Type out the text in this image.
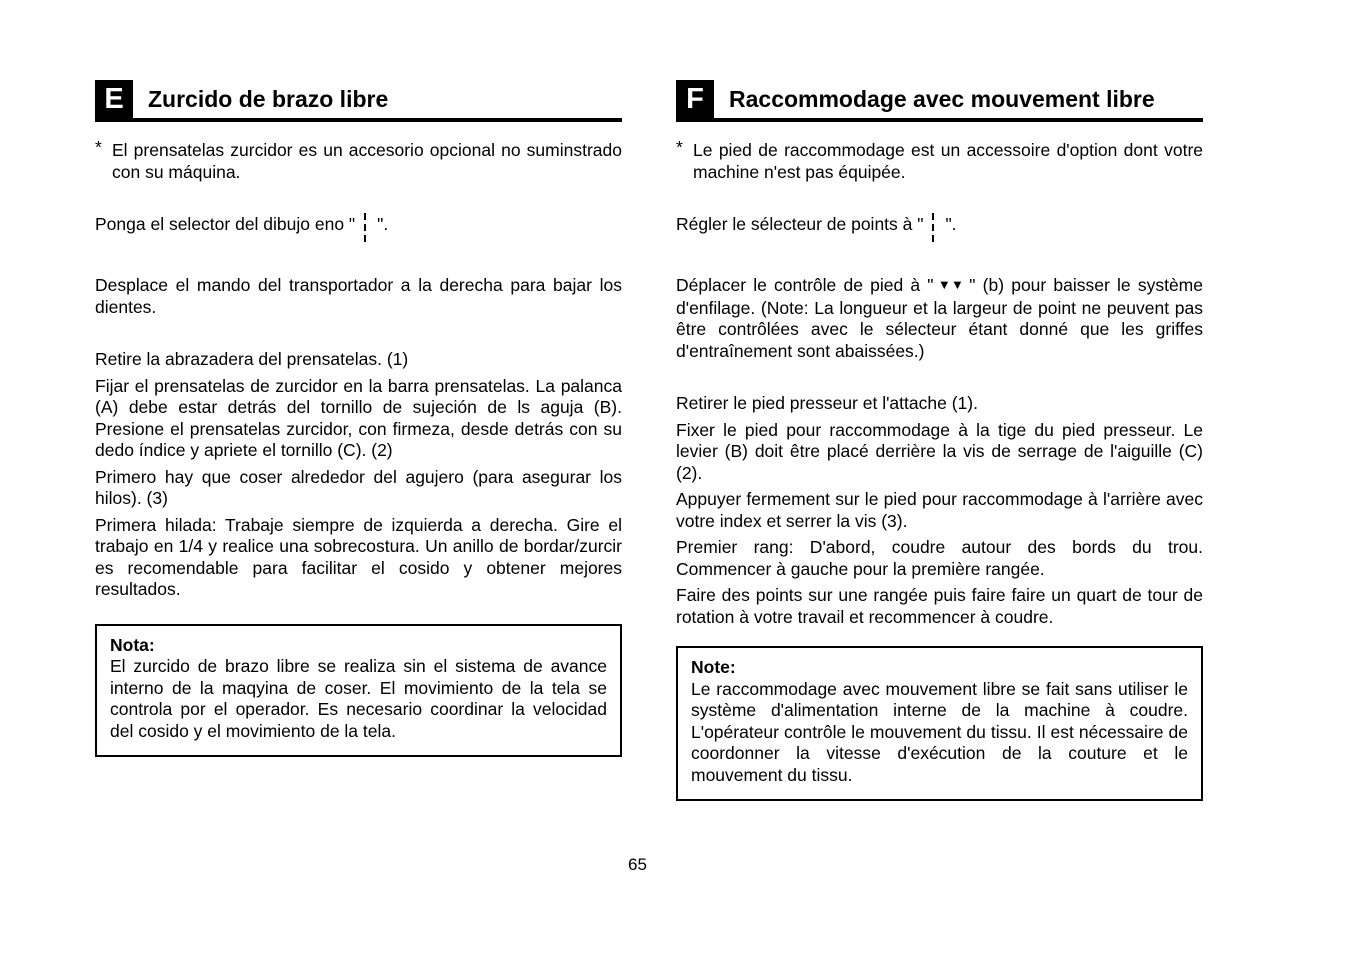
E	Zurcido de brazo libre

* El prensatelas zurcidor es un accesorio opcional no suminstrado con su máquina.

Ponga el selector del dibujo eno " ".

Desplace el mando del transportador a la derecha para bajar los dientes.

Retire la abrazadera del prensatelas. (1)

Fijar el prensatelas de zurcidor en la barra prensatelas. La palanca (A) debe estar detrás del tornillo de sujeción de ls aguja (B). Presione el prensatelas zurcidor, con firmeza, desde detrás con su dedo índice y apriete el tornillo (C). (2)

Primero hay que coser alrededor del agujero (para asegurar los hilos). (3)

Primera hilada: Trabaje siempre de izquierda a derecha. Gire el trabajo en 1/4 y realice una sobrecostura. Un anillo de bordar/zurcir es recomendable para facilitar el cosido y obtener mejores resultados.

Nota:

El zurcido de brazo libre se realiza sin el sistema de avance interno de la maqyina de coser. El movimiento de la tela se controla por el operador. Es necesario coordinar la velocidad del cosido y el movimiento de la tela.

F	Raccommodage avec mouvement libre

* Le pied de raccommodage est un accessoire d'option dont votre machine n'est pas équipée.

Régler le sélecteur de points à " ".

Déplacer le contrôle de pied à " ▼▼ " (b) pour baisser le système d'enfilage. (Note: La longueur et la largeur de point ne peuvent pas être contrôlées avec le sélecteur étant donné que les griffes d'entraînement sont abaissées.)

Retirer le pied presseur et l'attache (1).

Fixer le pied pour raccommodage à la tige du pied presseur. Le levier (B) doit être placé derrière la vis de serrage de l'aiguille (C) (2).

Appuyer fermement sur le pied pour raccommodage à l'arrière avec votre index et serrer la vis (3).

Premier rang: D'abord, coudre autour des bords du trou. Commencer à gauche pour la première rangée.

Faire des points sur une rangée puis faire faire un quart de tour de rotation à votre travail et recommencer à coudre.

Note:

Le raccommodage avec mouvement libre se fait sans utiliser le système d'alimentation interne de la machine à coudre. L'opérateur contrôle le mouvement du tissu. Il est nécessaire de coordonner la vitesse d'exécution de la couture et le mouvement du tissu.

65
